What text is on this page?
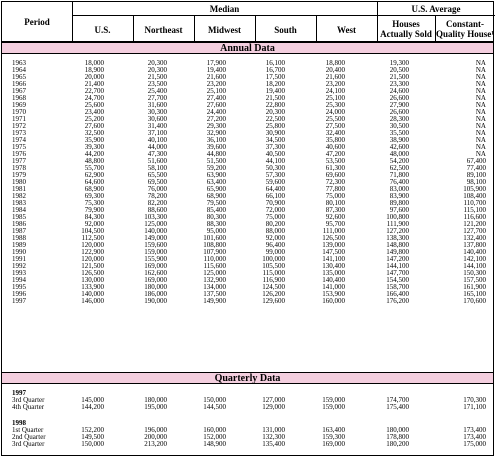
Period
Median	U.S. Average
U.S.	Northeast	Midwest	South	West
Houses Actually Sold
Constant-Quality House¹
Annual Data
1963	18,000	20,300	17,900	16,100	18,800	19,300	NA
1964	18,900	20,300	19,400	16,700	20,400	20,500	NA
1965	20,000	21,500	21,600	17,500	21,600	21,500	NA
1966	21,400	23,500	23,200	18,200	23,200	23,300	NA
1967	22,700	25,400	25,100	19,400	24,100	24,600	NA
1968	24,700	27,700	27,400	21,500	25,100	26,600	NA
1969	25,600	31,600	27,600	22,800	25,300	27,900	NA
1970	23,400	30,300	24,400	20,300	24,000	26,600	NA
1971	25,200	30,600	27,200	22,500	25,500	28,300	NA
1972	27,600	31,400	29,300	25,800	27,500	30,500	NA
1973	32,500	37,100	32,900	30,900	32,400	35,500	NA
1974	35,900	40,100	36,100	34,500	35,800	38,900	NA
1975	39,300	44,000	39,600	37,300	40,600	42,600	NA
1976	44,200	47,300	44,800	40,500	47,200	48,000	NA
1977	48,800	51,600	51,500	44,100	53,500	54,200	67,400
1978	55,700	58,100	59,200	50,300	61,300	62,500	77,400
1979	62,900	65,500	63,900	57,300	69,600	71,800	89,100
1980	64,600	69,500	63,400	59,600	72,300	76,400	98,100
1981	68,900	76,000	65,900	64,400	77,800	83,000	105,900
1982	69,300	78,200	68,900	66,100	75,000	83,900	108,400
1983	75,300	82,200	79,500	70,900	80,100	89,800	110,700
1984	79,900	88,600	85,400	72,000	87,300	97,600	115,100
1985	84,300	103,300	80,300	75,000	92,600	100,800	116,600
1986	92,000	125,000	88,300	80,200	95,700	111,900	121,200
1987	104,500	140,000	95,000	88,000	111,000	127,200	127,700
1988	112,500	149,000	101,600	92,000	126,500	138,300	132,400
1989	120,000	159,600	108,800	96,400	139,000	148,800	137,800
1990	122,900	159,000	107,900	99,000	147,500	149,800	140,400
1991	120,000	155,900	110,000	100,000	141,100	147,200	142,100
1992	121,500	169,000	115,600	105,500	130,400	144,100	144,100
1993	126,500	162,600	125,000	115,000	135,000	147,700	150,300
1994	130,000	169,000	132,900	116,900	140,400	154,500	157,500
1995	133,900	180,000	134,000	124,500	141,000	158,700	161,900
1996	140,000	186,000	137,500	126,200	153,900	166,400	165,100
1997	146,000	190,000	149,900	129,600	160,000	176,200	170,600
Quarterly Data
1997
3rd Quarter	145,000	180,000	150,000	127,000	159,000	174,700	170,300
4th Quarter	144,200	195,000	144,500	129,000	159,000	175,400	171,100
1998
1st Quarter	152,200	196,000	160,000	131,000	163,400	180,000	173,400
2nd Quarter	149,500	200,000	152,000	132,300	159,300	178,800	173,400
3rd Quarter	150,000	213,200	148,900	135,400	169,000	180,200	175,000
